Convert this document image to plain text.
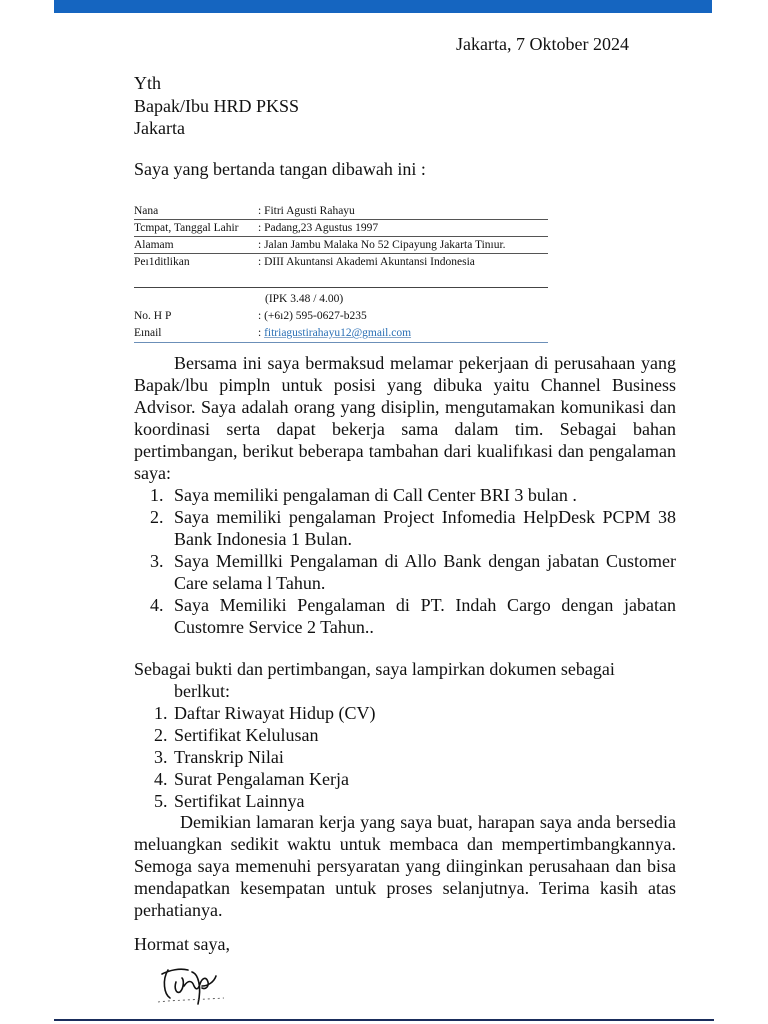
Jakarta, 7 Oktober 2024
Yth
Bapak/Ibu HRD PKSS
Jakarta
Saya yang bertanda tangan dibawah ini :
Nana	: Fitri Agusti Rahayu
Tcmpat, Tanggal Lahir : Padang,23 Agustus 1997
Alamam	: Jalan Jambu Malaka No 52 Cipayung Jakarta Tinıur.
Peı1ditlikan	: DIII Akuntansi Akademi Akuntansi Indonesia
(IPK 3.48 / 4.00)
No. H P	: (+6ı2) 595-0627-b235
Eınail	: fitriagustirahayu12@gmail.com
Bersama ini saya bermaksud melamar pekerjaan di perusahaan yang Bapak/lbu pimpln untuk posisi yang dibuka yaitu Channel Business Advisor. Saya adalah orang yang disiplin, mengutamakan komunikasi dan koordinasi serta dapat bekerja sama dalam tim. Sebagai bahan pertimbangan, berikut beberapa tambahan dari kualifıkasi dan pengalaman saya:
1. Saya memiliki pengalaman di Call Center BRI 3 bulan .
2. Saya memiliki pengalaman Project Infomedia HelpDesk PCPM 38 Bank Indonesia 1 Bulan.
3. Saya Memillki Pengalaman di Allo Bank dengan jabatan Customer Care selama l Tahun.
4. Saya Memiliki Pengalaman di PT. Indah Cargo dengan jabatan Customre Service 2 Tahun..
Sebagai bukti dan pertimbangan, saya lampirkan dokumen sebagai
berlkut:
1. Daftar Riwayat Hidup (CV)
2. Sertifikat Kelulusan
3. Transkrip Nilai
4. Surat Pengalaman Kerja
5. Sertifikat Lainnya
Demikian lamaran kerja yang saya buat, harapan saya anda bersedia meluangkan sedikit waktu untuk membaca dan mempertimbangkannya. Semoga saya memenuhi persyaratan yang diinginkan perusahaan dan bisa mendapatkan kesempatan untuk proses selanjutnya. Terima kasih atas perhatianya.
Hormat saya,
